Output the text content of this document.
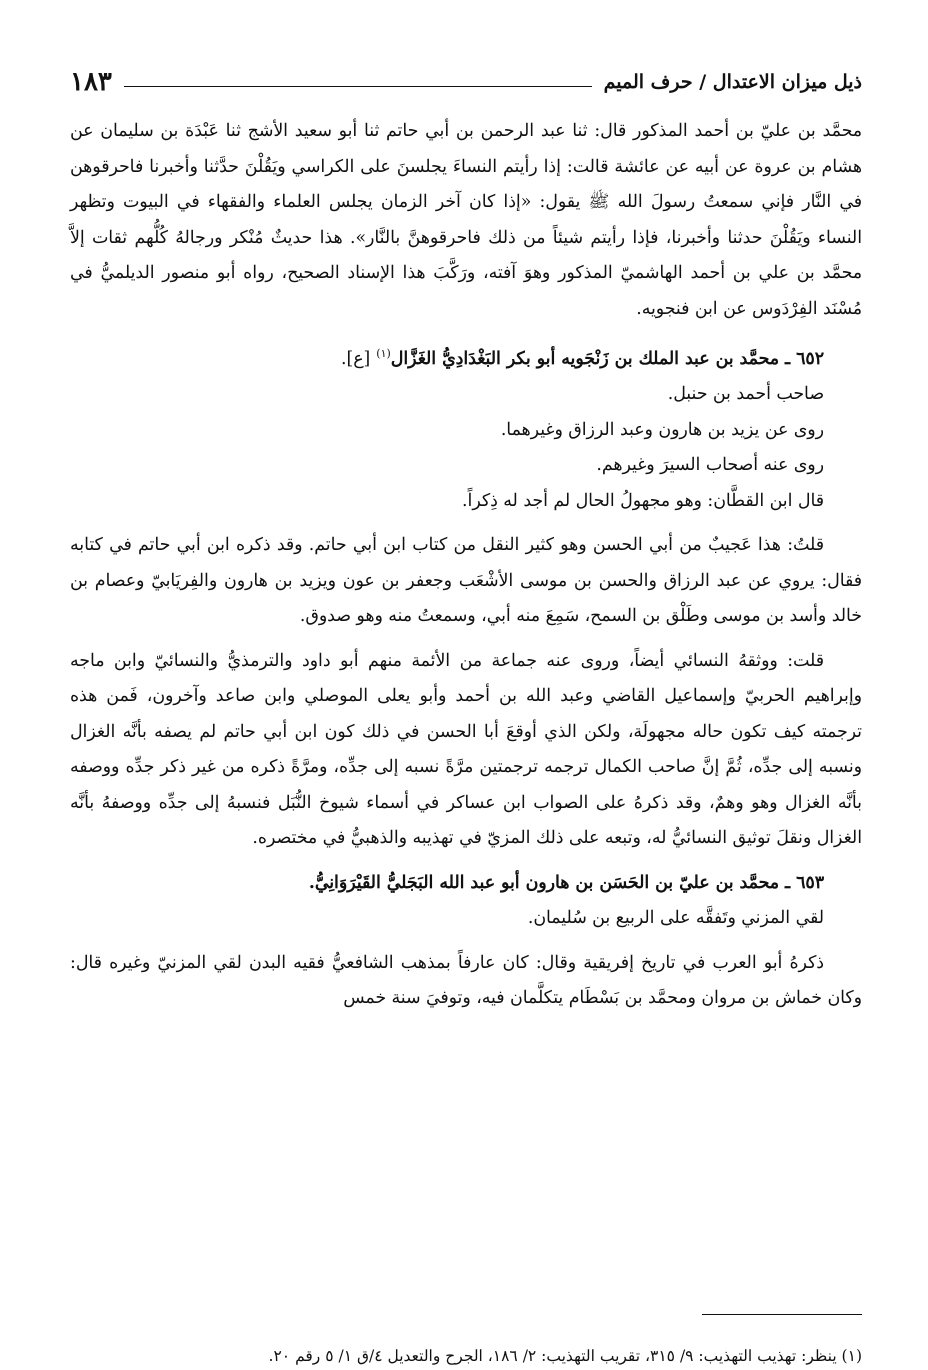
ذيل ميزان الاعتدال / حرف الميم
١٨٣

محمَّد بن عليّ بن أحمد المذكور قال: ثنا عبد الرحمن بن أبي حاتم ثنا أبو سعيد الأشج ثنا عَبْدَة بن سليمان عن هشام بن عروة عن أبيه عن عائشة قالت: إذا رأيتم النساءَ يجلسنَ على الكراسي ويَقُلْنَ حدَّثنا وأخبرنا فاحرقوهن في النَّار فإني سمعتُ رسولَ الله ﷺ يقول: «إذا كان آخر الزمان يجلس العلماء والفقهاء في البيوت وتظهر النساء ويَقُلْنَ حدثنا وأخبرنا، فإذا رأيتم شيئاً من ذلك فاحرقوهنَّ بالنَّار». هذا حديثٌ مُنْكر ورجالهُ كُلُّهم ثقات إلاَّ محمَّد بن علي بن أحمد الهاشميّ المذكور وهوَ آفته، ورَكَّبَ هذا الإسناد الصحيح، رواه أبو منصور الديلميُّ في مُسْنَد الفِرْدَوس عن ابن فنجويه.

٦٥٢ ـ محمَّد بن عبد الملك بن زَنْجَويه أبو بكر البَغْدَادِيُّ الغَزَّال$^{(١)}$ [ع].

صاحب أحمد بن حنبل.

روى عن يزيد بن هارون وعبد الرزاق وغيرهما.

روى عنه أصحاب السيرَ وغيرهم.

قال ابن القطَّان: وهو مجهولُ الحال لم أجد له ذِكراً.

قلتُ: هذا عَجيبٌ من أبي الحسن وهو كثير النقل من كتاب ابن أبي حاتم. وقد ذكره ابن أبي حاتم في كتابه فقال: يروي عن عبد الرزاق والحسن بن موسى الأشْعَب وجعفر بن عون ويزيد بن هارون والفِريَابيّ وعصام بن خالد وأسد بن موسى وطَلْق بن السمح، سَمِعَ منه أبي، وسمعتُ منه وهو صدوق.

قلت: ووثقهُ النسائي أيضاً، وروى عنه جماعة من الأئمة منهم أبو داود والترمذيُّ والنسائيّ وابن ماجه وإبراهيم الحربيّ وإسماعيل القاضي وعبد الله بن أحمد وأبو يعلى الموصلي وابن صاعد وآخرون، فَمن هذه ترجمته كيف تكون حاله مجهولَة، ولكن الذي أوقعَ أبا الحسن في ذلك كون ابن أبي حاتم لم يصفه بأنَّه الغزال ونسبه إلى جدِّه، ثُمَّ إنَّ صاحب الكمال ترجمه ترجمتين مرَّةً نسبه إلى جدِّه، ومرَّةً ذكره من غير ذكر جدِّه ووصفه بأنَّه الغزال وهو وهمٌ، وقد ذكرهُ على الصواب ابن عساكر في أسماء شيوخ النُّبَل فنسبهُ إلى جدِّه ووصفهُ بأنَّه الغزال ونقلَ توثيق النسائيُّ له، وتبعه على ذلك المزيّ في تهذيبه والذهبيُّ في مختصره.

٦٥٣ ـ محمَّد بن عليّ بن الحَسَن بن هارون أبو عبد الله البَجَليُّ القَيْرَوَانِيُّ.

لقي المزني وتَفقَّه على الربيع بن سُليمان.

ذكرهُ أبو العرب في تاريخ إفريقية وقال: كان عارفاً بمذهب الشافعيُّ فقيه البدن لقي المزنيّ وغيره قال: وكان خماش بن مروان ومحمَّد بن بَسْطَام يتكلَّمان فيه، وتوفيَ سنة خمس

(١) ينظر: تهذيب التهذيب: ٩/ ٣١٥، تقريب التهذيب: ٢/ ١٨٦، الجرح والتعديل ٤/ق ١/ ٥ رقم ٢٠.
